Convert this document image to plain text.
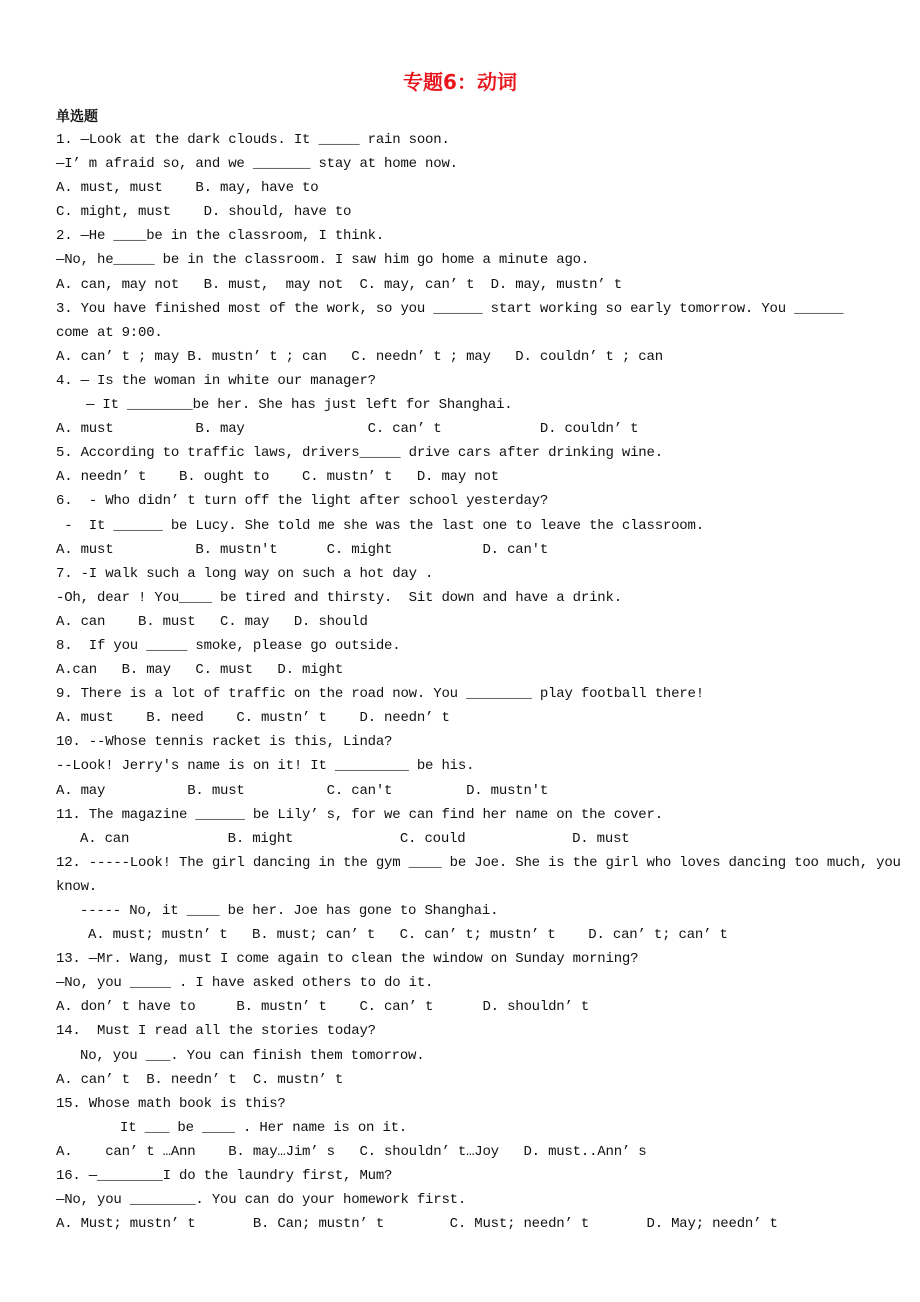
专题6：动词
单选题
1. —Look at the dark clouds. It _____ rain soon.
—I’ m afraid so, and we _______ stay at home now.
A. must, must    B. may, have to
C. might, must    D. should, have to
2. —He ____be in the classroom, I think.
—No, he_____ be in the classroom. I saw him go home a minute ago.
A. can, may not   B. must,  may not  C. may, can’ t  D. may, mustn’ t
3. You have finished most of the work, so you ______ start working so early tomorrow. You ______
come at 9:00.
A. can’ t ; may B. mustn’ t ; can   C. needn’ t ; may   D. couldn’ t ; can
4. — Is the woman in white our manager?
— It ________be her. She has just left for Shanghai.
A. must          B. may               C. can’ t            D. couldn’ t
5. According to traffic laws, drivers_____ drive cars after drinking wine.
A. needn’ t    B. ought to    C. mustn’ t   D. may not
6.  - Who didn’ t turn off the light after school yesterday?
-  It ______ be Lucy. She told me she was the last one to leave the classroom.
A. must          B. mustn't      C. might           D. can't
7. -I walk such a long way on such a hot day .
-Oh, dear ! You____ be tired and thirsty.  Sit down and have a drink.
A. can    B. must   C. may   D. should
8.  If you _____ smoke, please go outside.
A.can   B. may   C. must   D. might
9. There is a lot of traffic on the road now. You ________ play football there!
A. must    B. need    C. mustn’ t    D. needn’ t
10. --Whose tennis racket is this, Linda?
--Look! Jerry's name is on it! It _________ be his.
A. may          B. must          C. can't         D. mustn't
11. The magazine ______ be Lily’ s, for we can find her name on the cover.
A. can            B. might             C. could             D. must
12. -----Look! The girl dancing in the gym ____ be Joe. She is the girl who loves dancing too much, you
know.
----- No, it ____ be her. Joe has gone to Shanghai.
A. must; mustn’ t   B. must; can’ t   C. can’ t; mustn’ t    D. can’ t; can’ t
13. —Mr. Wang, must I come again to clean the window on Sunday morning?
—No, you _____ . I have asked others to do it.
A. don’ t have to     B. mustn’ t    C. can’ t      D. shouldn’ t
14.  Must I read all the stories today?
No, you ___. You can finish them tomorrow.
A. can’ t  B. needn’ t  C. mustn’ t
15. Whose math book is this?
It ___ be ____ . Her name is on it.
A.    can’ t …Ann    B. may…Jim’ s   C. shouldn’ t…Joy   D. must..Ann’ s
16. —________I do the laundry first, Mum?
—No, you ________. You can do your homework first.
A. Must; mustn’ t       B. Can; mustn’ t        C. Must; needn’ t       D. May; needn’ t
